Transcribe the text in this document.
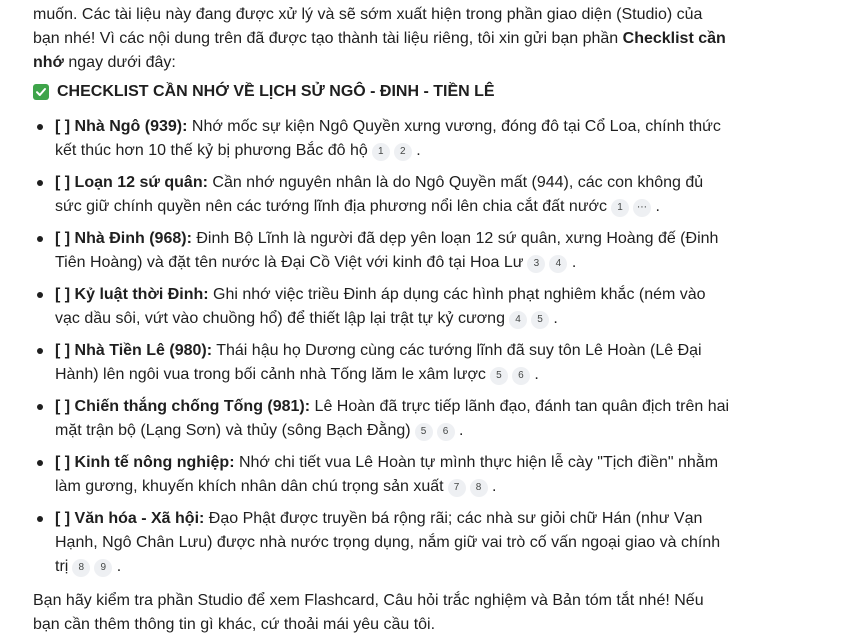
muốn. Các tài liệu này đang được xử lý và sẽ sớm xuất hiện trong phần giao diện (Studio) của bạn nhé! Vì các nội dung trên đã được tạo thành tài liệu riêng, tôi xin gửi bạn phần Checklist cần nhớ ngay dưới đây:

CHECKLIST CẦN NHỚ VỀ LỊCH SỬ NGÔ - ĐINH - TIỀN LÊ
[ ] Nhà Ngô (939): Nhớ mốc sự kiện Ngô Quyền xưng vương, đóng đô tại Cổ Loa, chính thức kết thúc hơn 10 thế kỷ bị phương Bắc đô hộ 1 2 .
[ ] Loạn 12 sứ quân: Cần nhớ nguyên nhân là do Ngô Quyền mất (944), các con không đủ sức giữ chính quyền nên các tướng lĩnh địa phương nổi lên chia cắt đất nước 1 ⋯ .
[ ] Nhà Đinh (968): Đinh Bộ Lĩnh là người đã dẹp yên loạn 12 sứ quân, xưng Hoàng đế (Đinh Tiên Hoàng) và đặt tên nước là Đại Cồ Việt với kinh đô tại Hoa Lư 3 4 .
[ ] Kỷ luật thời Đinh: Ghi nhớ việc triều Đinh áp dụng các hình phạt nghiêm khắc (ném vào vạc dầu sôi, vứt vào chuồng hổ) để thiết lập lại trật tự kỷ cương 4 5 .
[ ] Nhà Tiền Lê (980): Thái hậu họ Dương cùng các tướng lĩnh đã suy tôn Lê Hoàn (Lê Đại Hành) lên ngôi vua trong bối cảnh nhà Tống lăm le xâm lược 5 6 .
[ ] Chiến thắng chống Tống (981): Lê Hoàn đã trực tiếp lãnh đạo, đánh tan quân địch trên hai mặt trận bộ (Lạng Sơn) và thủy (sông Bạch Đằng) 5 6 .
[ ] Kinh tế nông nghiệp: Nhớ chi tiết vua Lê Hoàn tự mình thực hiện lễ cày "Tịch điền" nhằm làm gương, khuyến khích nhân dân chú trọng sản xuất 7 8 .
[ ] Văn hóa - Xã hội: Đạo Phật được truyền bá rộng rãi; các nhà sư giỏi chữ Hán (như Vạn Hạnh, Ngô Chân Lưu) được nhà nước trọng dụng, nắm giữ vai trò cố vấn ngoại giao và chính trị 8 9 .

Bạn hãy kiểm tra phần Studio để xem Flashcard, Câu hỏi trắc nghiệm và Bản tóm tắt nhé! Nếu bạn cần thêm thông tin gì khác, cứ thoải mái yêu cầu tôi.
